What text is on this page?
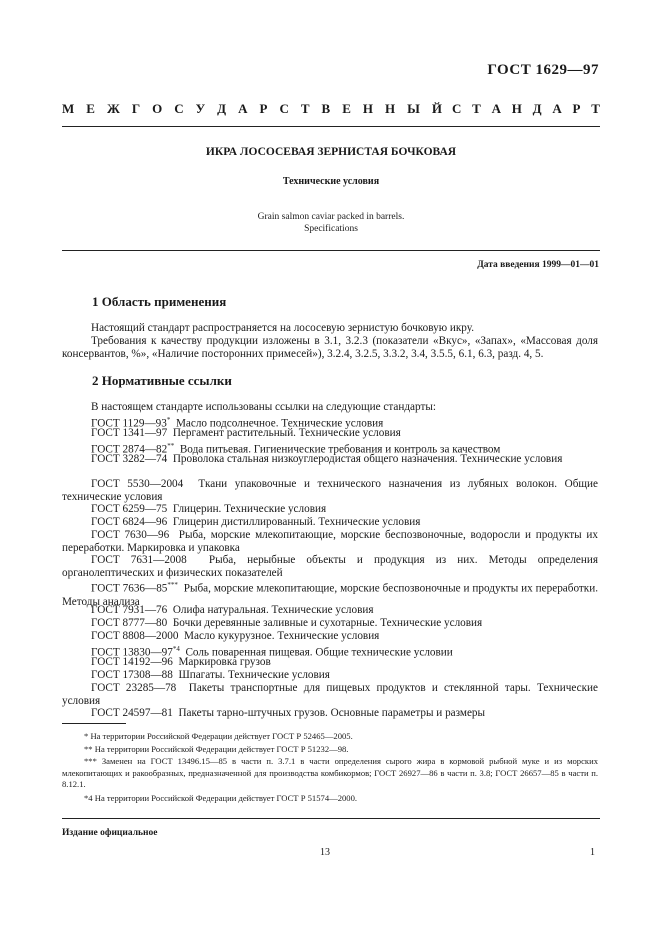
ГОСТ 1629—97
М Е Ж Г О С У Д А Р С Т В Е Н Н Ы Й С Т А Н Д А Р Т
ИКРА ЛОСОСЕВАЯ ЗЕРНИСТАЯ БОЧКОВАЯ
Технические условия
Grain salmon caviar packed in barrels.
Specifications
Дата введения 1999—01—01
1 Область применения
Настоящий стандарт распространяется на лососевую зернистую бочковую икру.
Требования к качеству продукции изложены в 3.1, 3.2.3 (показатели «Вкус», «Запах», «Массовая доля консервантов, %», «Наличие посторонних примесей»), 3.2.4, 3.2.5, 3.3.2, 3.4, 3.5.5, 6.1, 6.3, разд. 4, 5.
2 Нормативные ссылки
В настоящем стандарте использованы ссылки на следующие стандарты:
ГОСТ 1129—93*  Масло подсолнечное. Технические условия
ГОСТ 1341—97  Пергамент растительный. Технические условия
ГОСТ 2874—82**  Вода питьевая. Гигиенические требования и контроль за качеством
ГОСТ 3282—74  Проволока стальная низкоуглеродистая общего назначения. Технические условия
ГОСТ 5530—2004  Ткани упаковочные и технического назначения из лубяных волокон. Общие технические условия
ГОСТ 6259—75  Глицерин. Технические условия
ГОСТ 6824—96  Глицерин дистиллированный. Технические условия
ГОСТ 7630—96  Рыба, морские млекопитающие, морские беспозвоночные, водоросли и продукты их переработки. Маркировка и упаковка
ГОСТ 7631—2008  Рыба, нерыбные объекты и продукция из них. Методы определения органолептических и физических показателей
ГОСТ 7636—85***  Рыба, морские млекопитающие, морские беспозвоночные и продукты их переработки. Методы анализа
ГОСТ 7931—76  Олифа натуральная. Технические условия
ГОСТ 8777—80  Бочки деревянные заливные и сухотарные. Технические условия
ГОСТ 8808—2000  Масло кукурузное. Технические условия
ГОСТ 13830—97$^{*4}$  Соль поваренная пищевая. Общие технические условии
ГОСТ 14192—96  Маркировка грузов
ГОСТ 17308—88  Шпагаты. Технические условия
ГОСТ 23285—78  Пакеты транспортные для пищевых продуктов и стеклянной тары. Технические условия
ГОСТ 24597—81  Пакеты тарно-штучных грузов. Основные параметры и размеры
* На территории Российской Федерации действует ГОСТ Р 52465—2005.
** На территории Российской Федерации действует ГОСТ Р 51232—98.
*** Заменен на ГОСТ 13496.15—85 в части п. 3.7.1 в части определения сырого жира в кормовой рыбной муке и из морских млекопитающих и ракообразных, предназначенной для производства комбикормов; ГОСТ 26927—86 в части п. 3.8; ГОСТ 26657—85 в части п. 8.12.1.
*4 На территории Российской Федерации действует ГОСТ Р 51574—2000.
Издание официальное
13	1
